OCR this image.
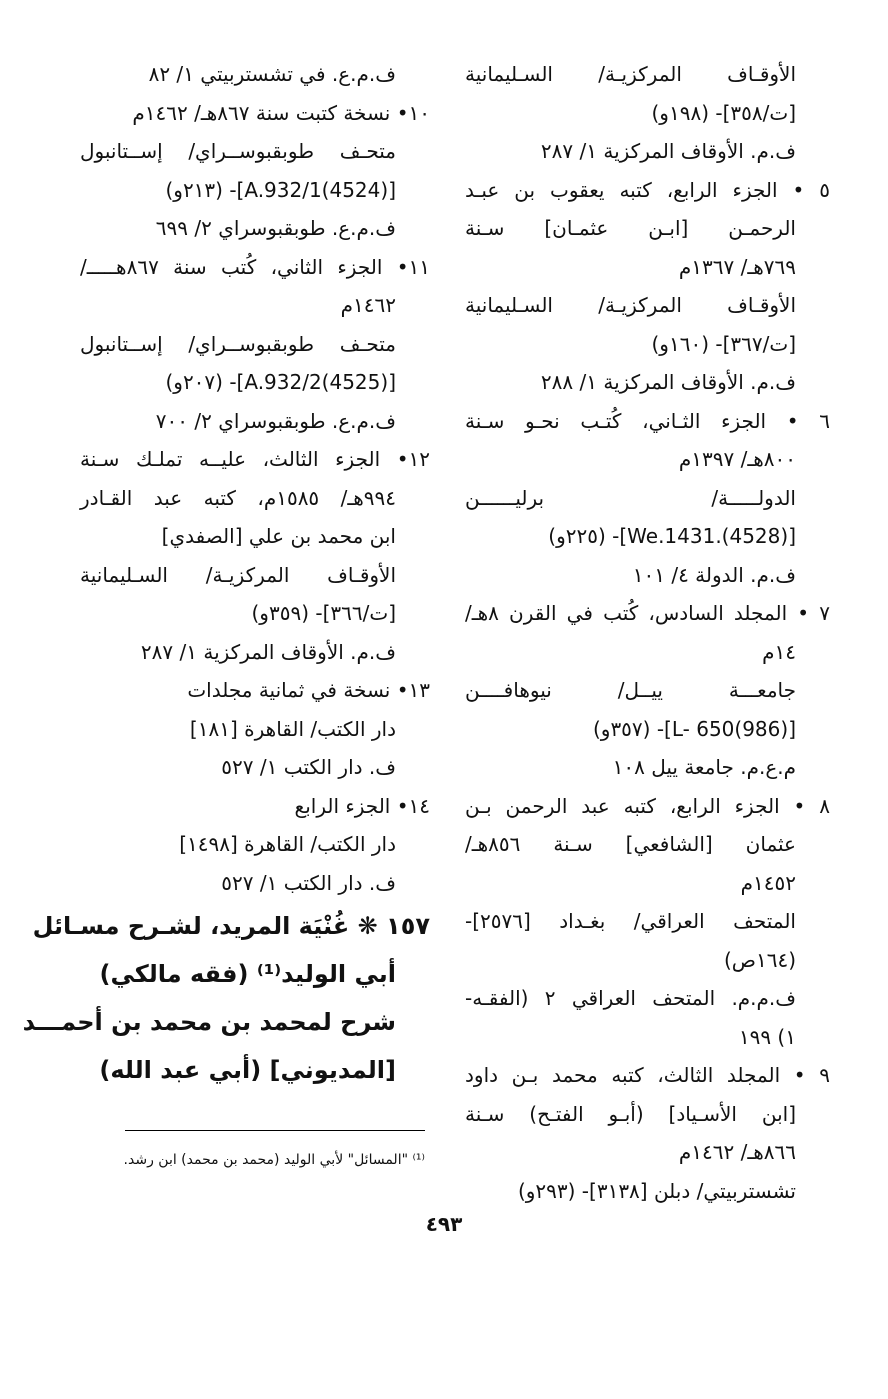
الأوقـاف المركزيـة/ السـليمانية
[ت/٣٥٨]- (١٩٨و)
ف.م. الأوقاف المركزية ١/ ٢٨٧
٥ • الجزء الرابع، كتبه يعقوب بن عبـد
الرحمـن [ابـن عثمـان] سـنة
٧٦٩هـ/ ١٣٦٧م
الأوقـاف المركزيـة/ السـليمانية
[ت/٣٦٧]- (١٦٠و)
ف.م. الأوقاف المركزية ١/ ٢٨٨
٦ • الجزء الثـاني، كُتـب نحـو سـنة
٨٠٠هـ/ ١٣٩٧م
الدولـــــة/ برليــــــن
[We.1431.(4528)]- (٢٢٥و)
ف.م. الدولة ٤/ ١٠١
٧ • المجلد السادس، كُتب في القرن ٨هـ/
١٤م
جامعـــة ييــل/ نيوهافــــن
[L- 650(986)]- (٣٥٧و)
م.ع.م. جامعة ييل ١٠٨
٨ • الجزء الرابع، كتبه عبد الرحمن بـن
عثمان [الشافعي] سـنة ٨٥٦هـ/
١٤٥٢م
المتحف العراقي/ بغـداد [٢٥٧٦]-
(١٦٤ص)
ف.م.م. المتحف العراقي ٢ (الفقـه-
١) ١٩٩
٩ • المجلد الثالث، كتبه محمد بـن داود
[ابن الأسـياد] (أبـو الفتـح) سـنة
٨٦٦هـ/ ١٤٦٢م
تشستربيتي/ دبلن [٣١٣٨]- (٢٩٣و)
ف.م.ع. في تشستربيتي ١/ ٨٢
١٠• نسخة كتبت سنة ٨٦٧هـ/ ١٤٦٢م
متحـف طوبقبوســراي/ إســتانبول
[A.932/1(4524)]- (٢١٣و)
ف.م.ع. طوبقبوسراي ٢/ ٦٩٩
١١• الجزء الثاني، كُتب سنة ٨٦٧هـــــ/
١٤٦٢م
متحـف طوبقبوســراي/ إســتانبول
[A.932/2(4525)]- (٢٠٧و)
ف.م.ع. طوبقبوسراي ٢/ ٧٠٠
١٢• الجزء الثالث، عليــه تملـك سـنة
٩٩٤هـ/ ١٥٨٥م، كتبه عبد القـادر
ابن محمد بن علي [الصفدي]
الأوقـاف المركزيـة/ السـليمانية
[ت/٣٦٦]- (٣٥٩و)
ف.م. الأوقاف المركزية ١/ ٢٨٧
١٣• نسخة في ثمانية مجلدات
دار الكتب/ القاهرة [١٨١]
ف. دار الكتب ١/ ٥٢٧
١٤• الجزء الرابع
دار الكتب/ القاهرة [١٤٩٨]
ف. دار الكتب ١/ ٥٢٧
١٥٧ ❋ غُنْيَة المريد، لشـرح مسـائل
أبي الوليد⁽¹⁾ (فقه مالكي)
شرح لمحمد بن محمد بن أحمـــد
[المديوني] (أبي عبد الله)
⁽¹⁾ "المسائل" لأبي الوليد (محمد بن محمد) ابن رشد.
٤٩٣
